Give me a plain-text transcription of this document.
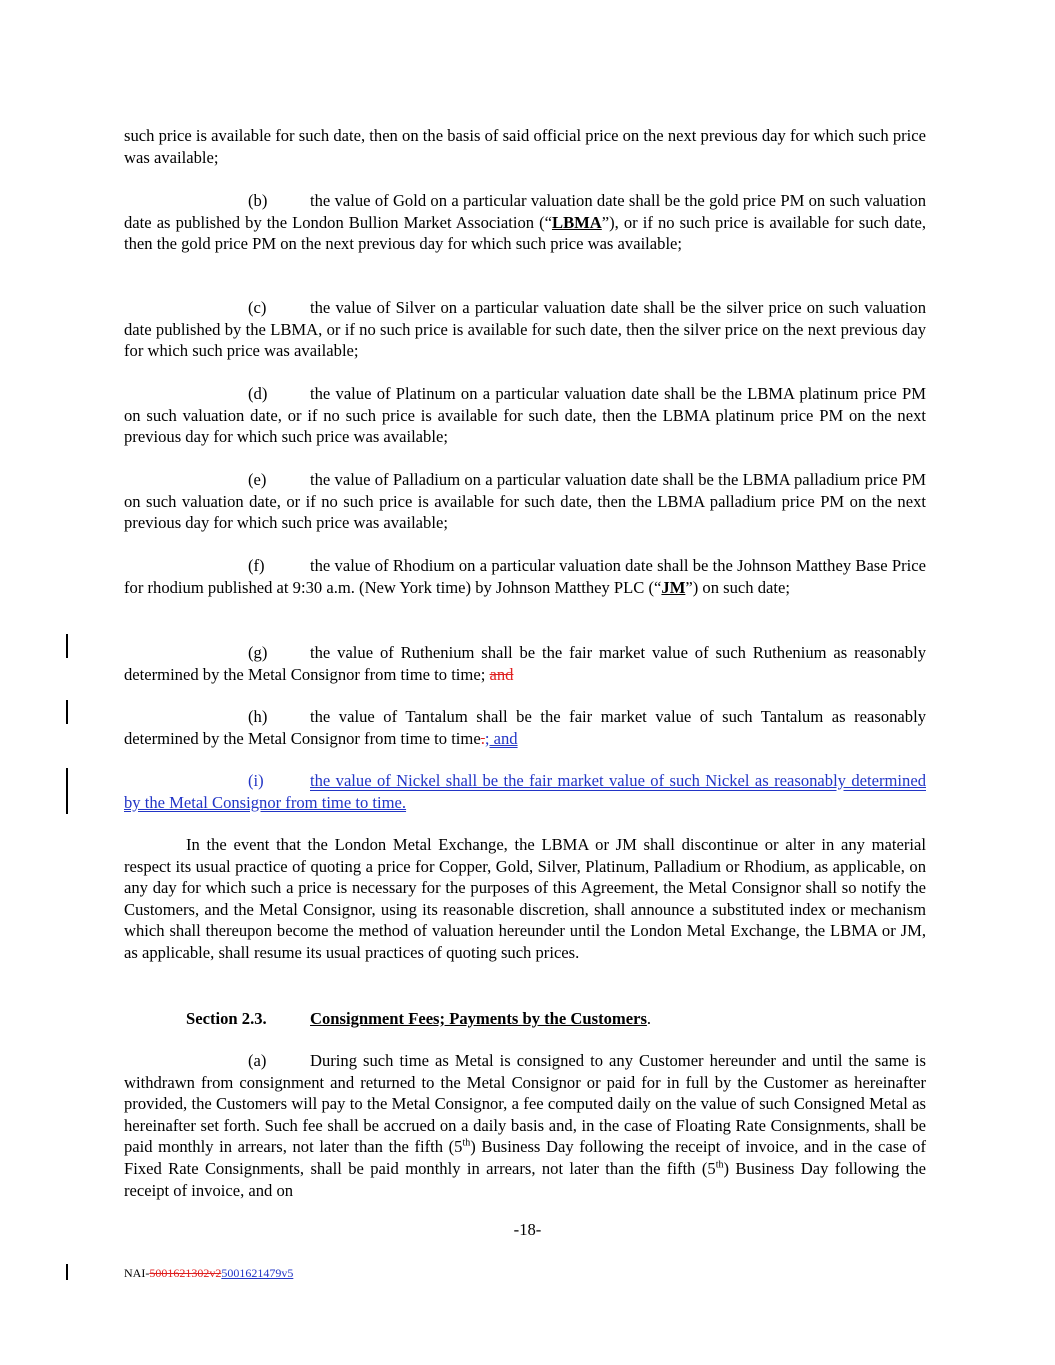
such price is available for such date, then on the basis of said official price on the next previous day for which such price was available;
(b)	the value of Gold on a particular valuation date shall be the gold price PM on such valuation date as published by the London Bullion Market Association (“LBMA”), or if no such price is available for such date, then the gold price PM on the next previous day for which such price was available;
(c)	the value of Silver on a particular valuation date shall be the silver price on such valuation date published by the LBMA, or if no such price is available for such date, then the silver price on the next previous day for which such price was available;
(d)	the value of Platinum on a particular valuation date shall be the LBMA platinum price PM on such valuation date, or if no such price is available for such date, then the LBMA platinum price PM on the next previous day for which such price was available;
(e)	the value of Palladium on a particular valuation date shall be the LBMA palladium price PM on such valuation date, or if no such price is available for such date, then the LBMA palladium price PM on the next previous day for which such price was available;
(f)	the value of Rhodium on a particular valuation date shall be the Johnson Matthey Base Price for rhodium published at 9:30 a.m. (New York time) by Johnson Matthey PLC (“JM”) on such date;
(g)	the value of Ruthenium shall be the fair market value of such Ruthenium as reasonably determined by the Metal Consignor from time to time; and
(h)	the value of Tantalum shall be the fair market value of such Tantalum as reasonably determined by the Metal Consignor from time to time.; and
(i)	the value of Nickel shall be the fair market value of such Nickel as reasonably determined by the Metal Consignor from time to time.
In the event that the London Metal Exchange, the LBMA or JM shall discontinue or alter in any material respect its usual practice of quoting a price for Copper, Gold, Silver, Platinum, Palladium or Rhodium, as applicable, on any day for which such a price is necessary for the purposes of this Agreement, the Metal Consignor shall so notify the Customers, and the Metal Consignor, using its reasonable discretion, shall announce a substituted index or mechanism which shall thereupon become the method of valuation hereunder until the London Metal Exchange, the LBMA or JM, as applicable, shall resume its usual practices of quoting such prices.
Section 2.3.	Consignment Fees; Payments by the Customers.
(a)	During such time as Metal is consigned to any Customer hereunder and until the same is withdrawn from consignment and returned to the Metal Consignor or paid for in full by the Customer as hereinafter provided, the Customers will pay to the Metal Consignor, a fee computed daily on the value of such Consigned Metal as hereinafter set forth. Such fee shall be accrued on a daily basis and, in the case of Floating Rate Consignments, shall be paid monthly in arrears, not later than the fifth (5th) Business Day following the receipt of invoice, and in the case of Fixed Rate Consignments, shall be paid monthly in arrears, not later than the fifth (5th) Business Day following the receipt of invoice, and on
-18-
NAI-5001621302v25001621479v5
